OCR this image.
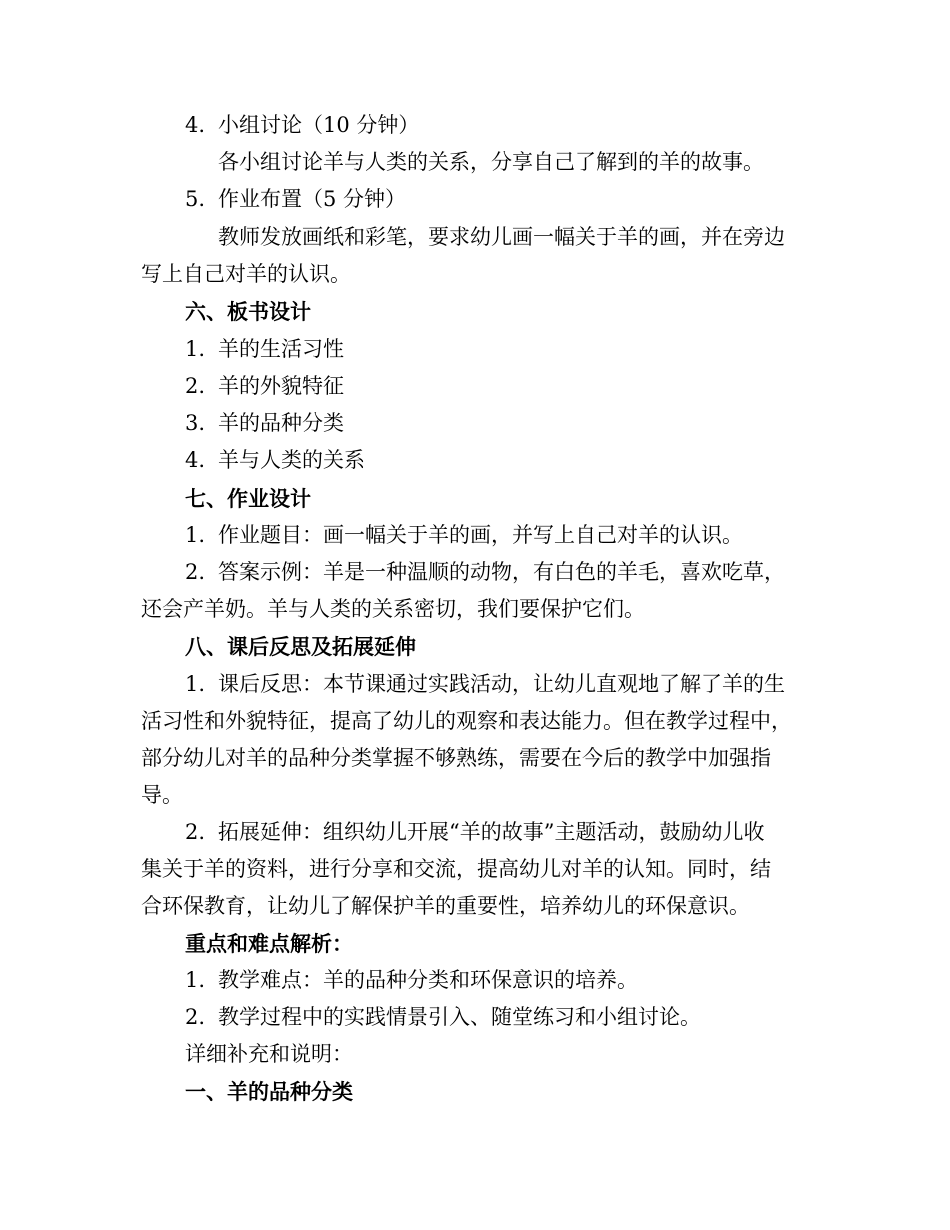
4. 小组讨论（10 分钟）
各小组讨论羊与人类的关系，分享自己了解到的羊的故事。
5. 作业布置（5 分钟）
教师发放画纸和彩笔，要求幼儿画一幅关于羊的画，并在旁边
写上自己对羊的认识。
六、板书设计
1. 羊的生活习性
2. 羊的外貌特征
3. 羊的品种分类
4. 羊与人类的关系
七、作业设计
1. 作业题目：画一幅关于羊的画，并写上自己对羊的认识。
2. 答案示例：羊是一种温顺的动物，有白色的羊毛，喜欢吃草，
还会产羊奶。羊与人类的关系密切，我们要保护它们。
八、课后反思及拓展延伸
1. 课后反思：本节课通过实践活动，让幼儿直观地了解了羊的生
活习性和外貌特征，提高了幼儿的观察和表达能力。但在教学过程中，
部分幼儿对羊的品种分类掌握不够熟练，需要在今后的教学中加强指
导。
2. 拓展延伸：组织幼儿开展“羊的故事”主题活动，鼓励幼儿收
集关于羊的资料，进行分享和交流，提高幼儿对羊的认知。同时，结
合环保教育，让幼儿了解保护羊的重要性，培养幼儿的环保意识。
重点和难点解析：
1. 教学难点：羊的品种分类和环保意识的培养。
2. 教学过程中的实践情景引入、随堂练习和小组讨论。
详细补充和说明：
一、羊的品种分类
